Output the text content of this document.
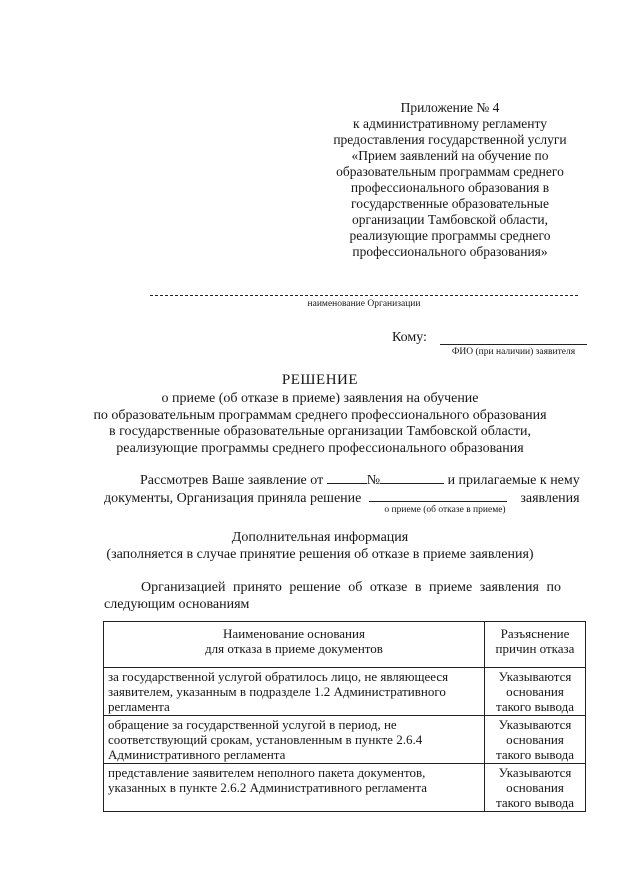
Приложение № 4
к административному регламенту
предоставления государственной услуги
«Прием заявлений на обучение по
образовательным программам среднего
профессионального образования в
государственные образовательные
организации Тамбовской области,
реализующие программы среднего
профессионального образования»
наименование Организации
Кому:
ФИО (при наличии) заявителя
РЕШЕНИЕ
о приеме (об отказе в приеме) заявления на обучение
по образовательным программам среднего профессионального образования
в государственные образовательные организации Тамбовской области,
реализующие программы среднего профессионального образования
Рассмотрев Ваше заявление от	№	и прилагаемые к нему
документы, Организация приняла решение	заявления
о приеме (об отказе в приеме)
Дополнительная информация
(заполняется в случае принятие решения об отказе в приеме заявления)
Организацией принято решение об отказе в приеме заявления по
следующим основаниям
Наименование основания
для отказа в приеме документов	Разъяснение
причин отказа

за государственной услугой обратилось лицо, не являющееся заявителем, указанным в подразделе 1.2 Административного регламента	Указываются основания такого вывода
обращение за государственной услугой в период, не соответствующий срокам, установленным в пункте 2.6.4 Административного регламента	Указываются основания такого вывода
представление заявителем неполного пакета документов, указанных в пункте 2.6.2 Административного регламента	Указываются основания такого вывода
